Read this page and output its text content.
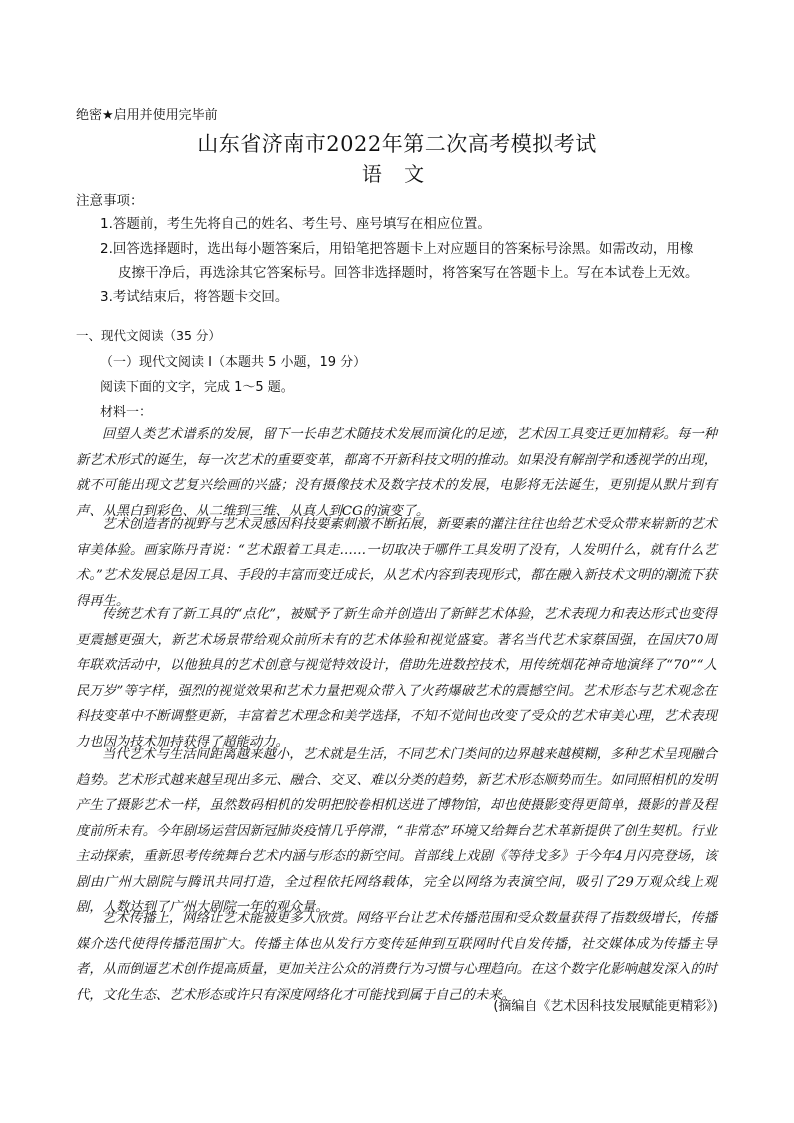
绝密★启用并使用完毕前
山东省济南市2022年第二次高考模拟考试
语 文
注意事项：
1.答题前，考生先将自己的姓名、考生号、座号填写在相应位置。
2.回答选择题时，选出每小题答案后，用铅笔把答题卡上对应题目的答案标号涂黑。如需改动，用橡
皮擦干净后，再选涂其它答案标号。回答非选择题时，将答案写在答题卡上。写在本试卷上无效。
3.考试结束后，将答题卡交回。
一、现代文阅读（35 分）
（一）现代文阅读 I（本题共 5 小题，19 分）
阅读下面的文字，完成 1～5 题。
材料一：
回望人类艺术谱系的发展，留下一长串艺术随技术发展而演化的足迹，艺术因工具变迁更加精彩。每一种新艺术形式的诞生，每一次艺术的重要变革，都离不开新科技文明的推动。如果没有解剖学和透视学的出现，就不可能出现文艺复兴绘画的兴盛；没有摄像技术及数字技术的发展，电影将无法诞生，更别提从默片到有声、从黑白到彩色、从二维到三维、从真人到CG的演变了。
艺术创造者的视野与艺术灵感因科技要素刺激不断拓展，新要素的灌注往往也给艺术受众带来崭新的艺术审美体验。画家陈丹青说：“艺术跟着工具走……一切取决于哪件工具发明了没有，人发明什么，就有什么艺术。”艺术发展总是因工具、手段的丰富而变迁成长，从艺术内容到表现形式，都在融入新技术文明的潮流下获得再生。
传统艺术有了新工具的“点化”，被赋予了新生命并创造出了新鲜艺术体验，艺术表现力和表达形式也变得更震撼更强大，新艺术场景带给观众前所未有的艺术体验和视觉盛宴。著名当代艺术家蔡国强，在国庆70周年联欢活动中，以他独具的艺术创意与视觉特效设计，借助先进数控技术，用传统烟花神奇地演绎了“70”“人民万岁”等字样，强烈的视觉效果和艺术力量把观众带入了火药爆破艺术的震撼空间。艺术形态与艺术观念在科技变革中不断调整更新，丰富着艺术理念和美学选择，不知不觉间也改变了受众的艺术审美心理，艺术表现力也因为技术加持获得了超能动力。
当代艺术与生活间距离越来越小，艺术就是生活，不同艺术门类间的边界越来越模糊，多种艺术呈现融合趋势。艺术形式越来越呈现出多元、融合、交叉、难以分类的趋势，新艺术形态顺势而生。如同照相机的发明产生了摄影艺术一样，虽然数码相机的发明把胶卷相机送进了博物馆，却也使摄影变得更简单，摄影的普及程度前所未有。今年剧场运营因新冠肺炎疫情几乎停滞，“非常态”环境又给舞台艺术革新提供了创生契机。行业主动探索，重新思考传统舞台艺术内涵与形态的新空间。首部线上戏剧《等待戈多》于今年4月闪亮登场，该剧由广州大剧院与腾讯共同打造，全过程依托网络载体，完全以网络为表演空间，吸引了29万观众线上观剧，人数达到了广州大剧院一年的观众量。
艺术传播上，网络让艺术能被更多人欣赏。网络平台让艺术传播范围和受众数量获得了指数级增长，传播媒介迭代使得传播范围扩大。传播主体也从发行方变传延伸到互联网时代自发传播，社交媒体成为传播主导者，从而倒逼艺术创作提高质量，更加关注公众的消费行为习惯与心理趋向。在这个数字化影响越发深入的时代，文化生态、艺术形态或许只有深度网络化才可能找到属于自己的未来。
(摘编自《艺术因科技发展赋能更精彩》)
